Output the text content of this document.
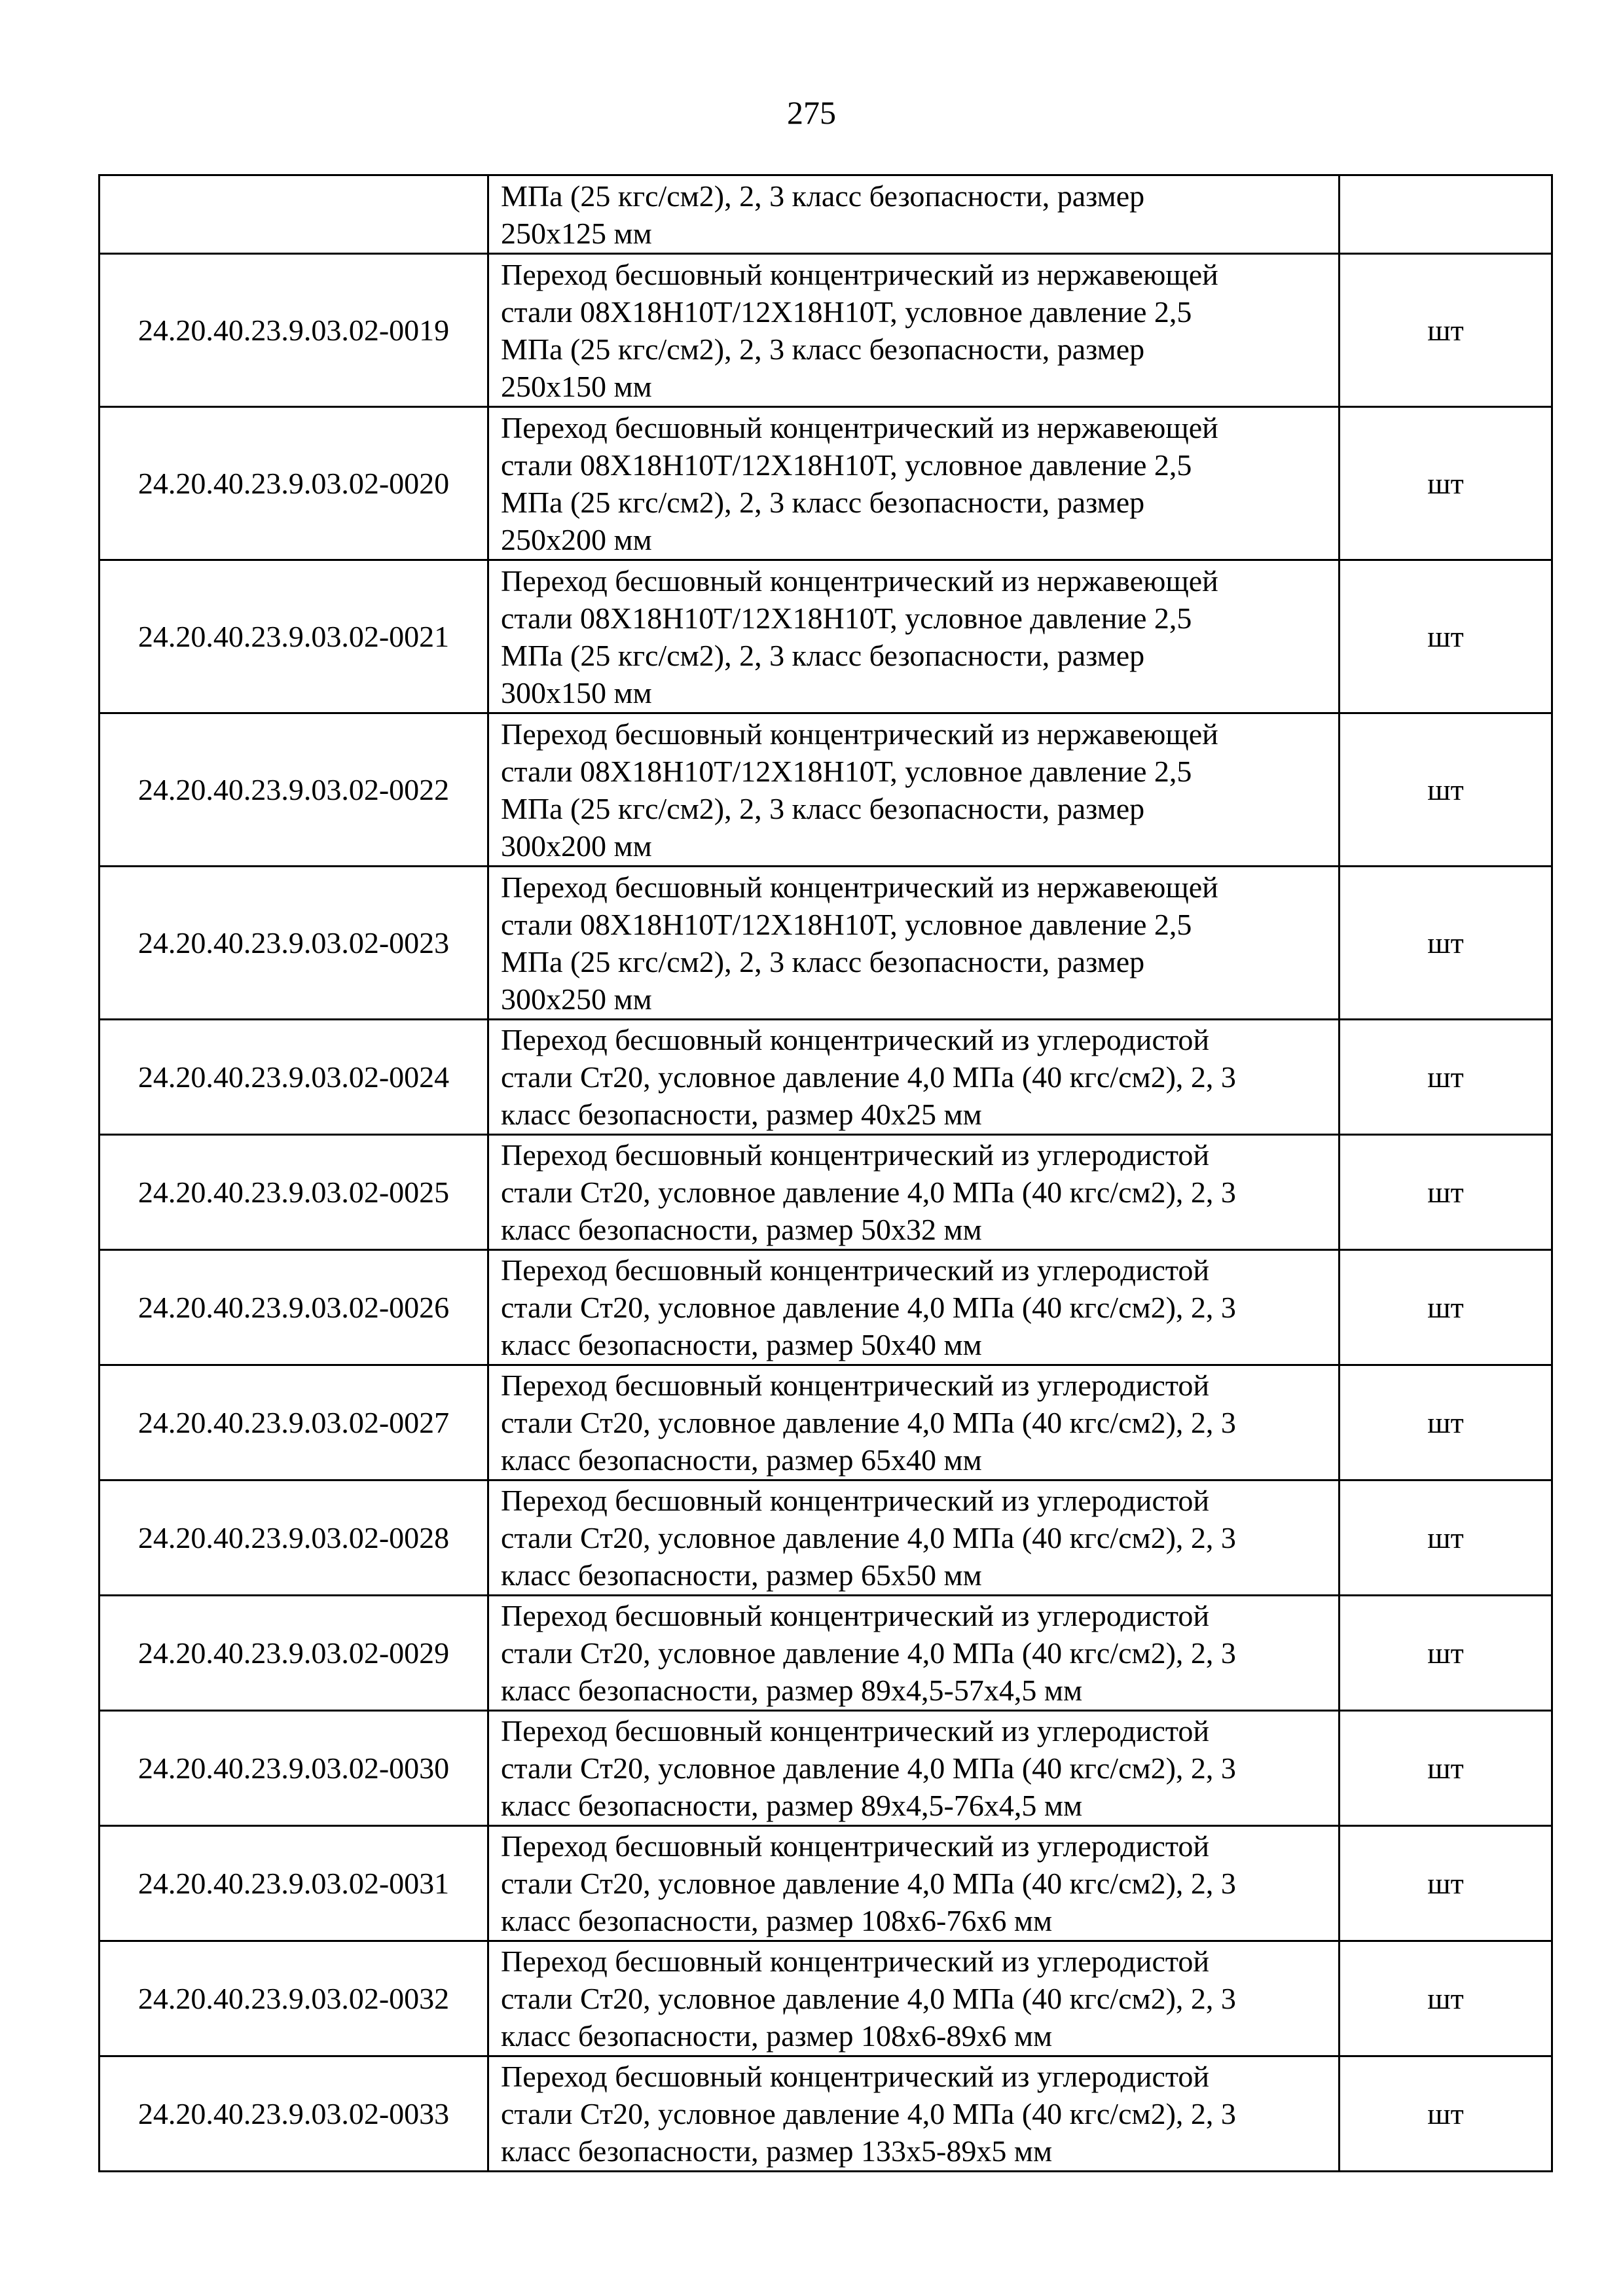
275
	МПа (25 кгс/см2), 2, 3 класс безопасности, размер
250х125 мм	
24.20.40.23.9.03.02-0019	Переход бесшовный концентрический из нержавеющей
стали 08Х18Н10Т/12Х18Н10Т, условное давление 2,5
МПа (25 кгс/см2), 2, 3 класс безопасности, размер
250х150 мм	шт
24.20.40.23.9.03.02-0020	Переход бесшовный концентрический из нержавеющей
стали 08Х18Н10Т/12Х18Н10Т, условное давление 2,5
МПа (25 кгс/см2), 2, 3 класс безопасности, размер
250х200 мм	шт
24.20.40.23.9.03.02-0021	Переход бесшовный концентрический из нержавеющей
стали 08Х18Н10Т/12Х18Н10Т, условное давление 2,5
МПа (25 кгс/см2), 2, 3 класс безопасности, размер
300х150 мм	шт
24.20.40.23.9.03.02-0022	Переход бесшовный концентрический из нержавеющей
стали 08Х18Н10Т/12Х18Н10Т, условное давление 2,5
МПа (25 кгс/см2), 2, 3 класс безопасности, размер
300х200 мм	шт
24.20.40.23.9.03.02-0023	Переход бесшовный концентрический из нержавеющей
стали 08Х18Н10Т/12Х18Н10Т, условное давление 2,5
МПа (25 кгс/см2), 2, 3 класс безопасности, размер
300х250 мм	шт
24.20.40.23.9.03.02-0024	Переход бесшовный концентрический из углеродистой
стали Ст20, условное давление 4,0 МПа (40 кгс/см2), 2, 3
класс безопасности, размер 40х25 мм	шт
24.20.40.23.9.03.02-0025	Переход бесшовный концентрический из углеродистой
стали Ст20, условное давление 4,0 МПа (40 кгс/см2), 2, 3
класс безопасности, размер 50х32 мм	шт
24.20.40.23.9.03.02-0026	Переход бесшовный концентрический из углеродистой
стали Ст20, условное давление 4,0 МПа (40 кгс/см2), 2, 3
класс безопасности, размер 50х40 мм	шт
24.20.40.23.9.03.02-0027	Переход бесшовный концентрический из углеродистой
стали Ст20, условное давление 4,0 МПа (40 кгс/см2), 2, 3
класс безопасности, размер 65х40 мм	шт
24.20.40.23.9.03.02-0028	Переход бесшовный концентрический из углеродистой
стали Ст20, условное давление 4,0 МПа (40 кгс/см2), 2, 3
класс безопасности, размер 65х50 мм	шт
24.20.40.23.9.03.02-0029	Переход бесшовный концентрический из углеродистой
стали Ст20, условное давление 4,0 МПа (40 кгс/см2), 2, 3
класс безопасности, размер 89х4,5-57х4,5 мм	шт
24.20.40.23.9.03.02-0030	Переход бесшовный концентрический из углеродистой
стали Ст20, условное давление 4,0 МПа (40 кгс/см2), 2, 3
класс безопасности, размер 89х4,5-76х4,5 мм	шт
24.20.40.23.9.03.02-0031	Переход бесшовный концентрический из углеродистой
стали Ст20, условное давление 4,0 МПа (40 кгс/см2), 2, 3
класс безопасности, размер 108х6-76х6 мм	шт
24.20.40.23.9.03.02-0032	Переход бесшовный концентрический из углеродистой
стали Ст20, условное давление 4,0 МПа (40 кгс/см2), 2, 3
класс безопасности, размер 108х6-89х6 мм	шт
24.20.40.23.9.03.02-0033	Переход бесшовный концентрический из углеродистой
стали Ст20, условное давление 4,0 МПа (40 кгс/см2), 2, 3
класс безопасности, размер 133х5-89х5 мм	шт
